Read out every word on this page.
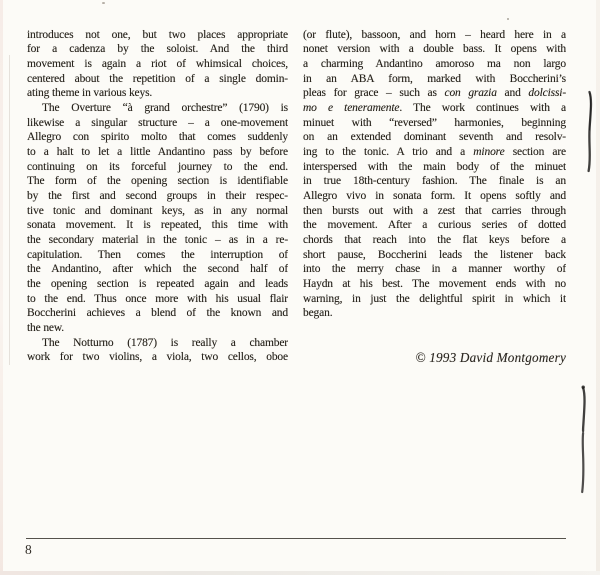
introduces not one, but two places appropriate
for a cadenza by the soloist. And the third
movement is again a riot of whimsical choices,
centered about the repetition of a single domin-
ating theme in various keys.
The Overture “à grand orchestre” (1790) is
likewise a singular structure – a one-movement
Allegro con spirito molto that comes suddenly
to a halt to let a little Andantino pass by before
continuing on its forceful journey to the end.
The form of the opening section is identifiable
by the first and second groups in their respec-
tive tonic and dominant keys, as in any normal
sonata movement. It is repeated, this time with
the secondary material in the tonic – as in a re-
capitulation. Then comes the interruption of
the Andantino, after which the second half of
the opening section is repeated again and leads
to the end. Thus once more with his usual flair
Boccherini achieves a blend of the known and
the new.
The Notturno (1787) is really a chamber
work for two violins, a viola, two cellos, oboe
(or flute), bassoon, and horn – heard here in a
nonet version with a double bass. It opens with
a charming Andantino amoroso ma non largo
in an ABA form, marked with Boccherini’s
pleas for grace – such as con grazia and dolcissi-
mo e teneramente. The work continues with a
minuet with “reversed” harmonies, beginning
on an extended dominant seventh and resolv-
ing to the tonic. A trio and a minore section are
interspersed with the main body of the minuet
in true 18th-century fashion. The finale is an
Allegro vivo in sonata form. It opens softly and
then bursts out with a zest that carries through
the movement. After a curious series of dotted
chords that reach into the flat keys before a
short pause, Boccherini leads the listener back
into the merry chase in a manner worthy of
Haydn at his best. The movement ends with no
warning, in just the delightful spirit in which it
began.
© 1993 David Montgomery
8
